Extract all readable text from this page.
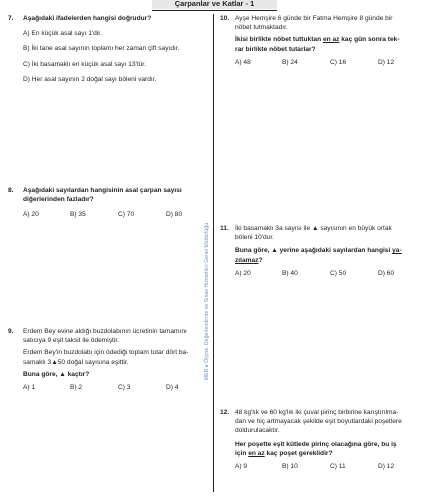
Çarpanlar ve Katlar - 1
MEB ● Ölçme, Değerlendirme ve Sınav Hizmetleri Genel Müdürlüğü
7. Aşağıdaki ifadelerden hangisi doğrudur?

A) En küçük asal sayı 1'dir.

B) İki tane asal sayının toplamı her zaman çift sayıdır.

C) İki basamaklı en küçük asal sayı 13'tür.

D) Her asal sayının 2 doğal sayı böleni vardır.

8. Aşağıdaki sayılardan hangisinin asal çarpan sayısı

diğerlerinden fazladır?

A) 20	B) 35	C) 70	D) 80
9. Erdem Bey evine aldığı buzdolabının ücretinin tamamını

satıcıya 9 eşit taksit ile ödemiştir.

Erdem Bey'in buzdolabı için ödediği toplam tutar dört ba-

samaklı 3▲50 doğal sayısına eşittir.

Buna göre, ▲ kaçtır?

A) 1	B) 2	C) 3	D) 4
10. Ayşe Hemşire 6 günde bir Fatma Hemşire 8 günde bir

nöbet tutmaktadır.

İkisi birlikte nöbet tuttuktan en az kaç gün sonra tek-

rar birlikte nöbet tutarlar?

A) 48	B) 24	C) 16	D) 12
11. İki basamaklı 3a sayısı ile ▲ sayısının en büyük ortak

böleni 10'dur.

Buna göre, ▲ yerine aşağıdaki sayılardan hangisi ya-

zılamaz?

A) 20	B) 40	C) 50	D) 60
12. 48 kg'lık ve 60 kg'lık iki çuval pirinç birbirine karıştırılma-

dan ve hiç artmayacak şekilde eşit boyutlardaki poşetlere

doldurulacaktır.

Her poşette eşit kütlede pirinç olacağına göre, bu iş

için en az kaç poşet gereklidir?

A) 9	B) 10	C) 11	D) 12
